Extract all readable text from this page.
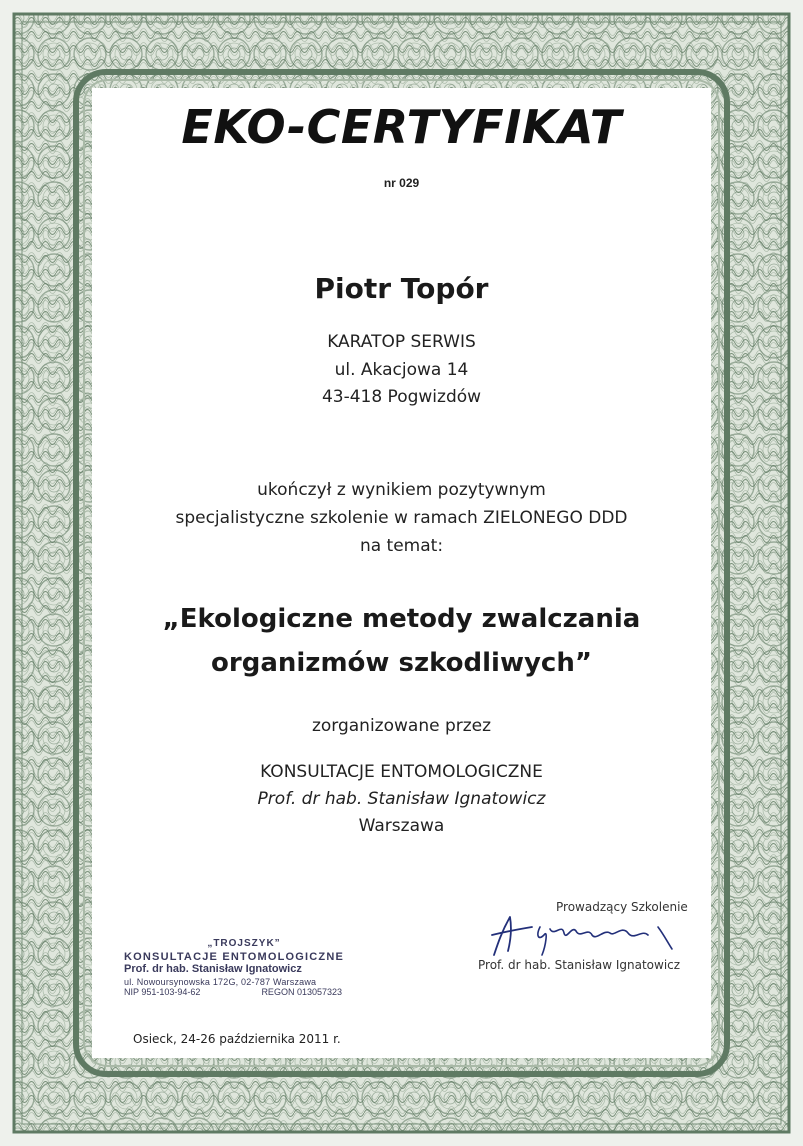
EKO-CERTYFIKAT
nr 029
Piotr Topór
KARATOP SERWIS
ul. Akacjowa 14
43-418 Pogwizdów
ukończył z wynikiem pozytywnym
specjalistyczne szkolenie w ramach ZIELONEGO DDD
na temat:
„Ekologiczne metody zwalczania
organizmów szkodliwych”
zorganizowane przez
KONSULTACJE ENTOMOLOGICZNE
Prof. dr hab. Stanisław Ignatowicz
Warszawa
Prowadzący Szkolenie
Prof. dr hab. Stanisław Ignatowicz
„TROJSZYK”
KONSULTACJE ENTOMOLOGICZNE
Prof. dr hab. Stanisław Ignatowicz
ul. Nowoursynowska 172G, 02-787 Warszawa
NIP 951-103-94-62	REGON 013057323
Osieck, 24-26 października 2011 r.
